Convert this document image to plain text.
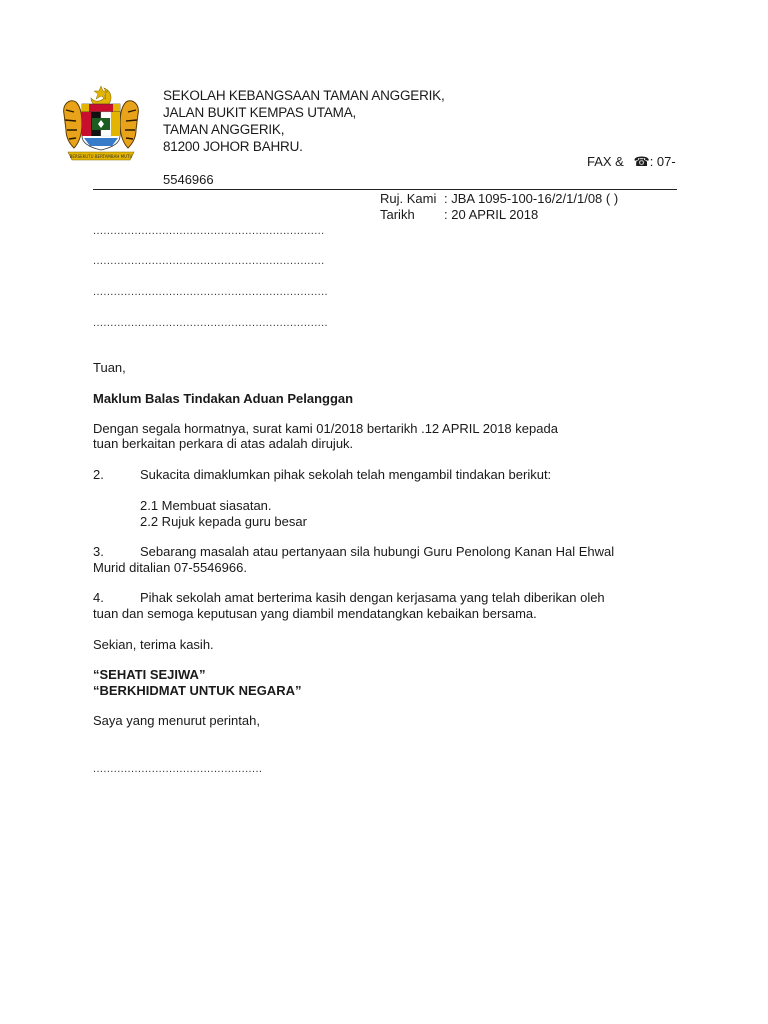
BERSEKUTU BERTAMBAH MUTU
SEKOLAH KEBANGSAAN TAMAN ANGGERIK,
JALAN BUKIT KEMPAS UTAMA,
TAMAN ANGGERIK,
81200 JOHOR BAHRU.
FAX & ☎: 07-
5546966
Ruj. Kami : JBA 1095-100-16/2/1/1/08 ( )
Tarikh : 20 APRIL 2018
...................................................................
...................................................................
....................................................................
....................................................................
Tuan,
Maklum Balas Tindakan Aduan Pelanggan
Dengan segala hormatnya, surat kami 01/2018 bertarikh .12 APRIL 2018 kepada
tuan berkaitan perkara di atas adalah dirujuk.
2.	Sukacita dimaklumkan pihak sekolah telah mengambil tindakan berikut:
2.1 Membuat siasatan.
2.2 Rujuk kepada guru besar
3.	Sebarang masalah atau pertanyaan sila hubungi Guru Penolong Kanan Hal Ehwal
Murid ditalian 07-5546966.
4.	Pihak sekolah amat berterima kasih dengan kerjasama yang telah diberikan oleh
tuan dan semoga keputusan yang diambil mendatangkan kebaikan bersama.
Sekian, terima kasih.
“SEHATI SEJIWA”
“BERKHIDMAT UNTUK NEGARA”
Saya yang menurut perintah,
.................................................
